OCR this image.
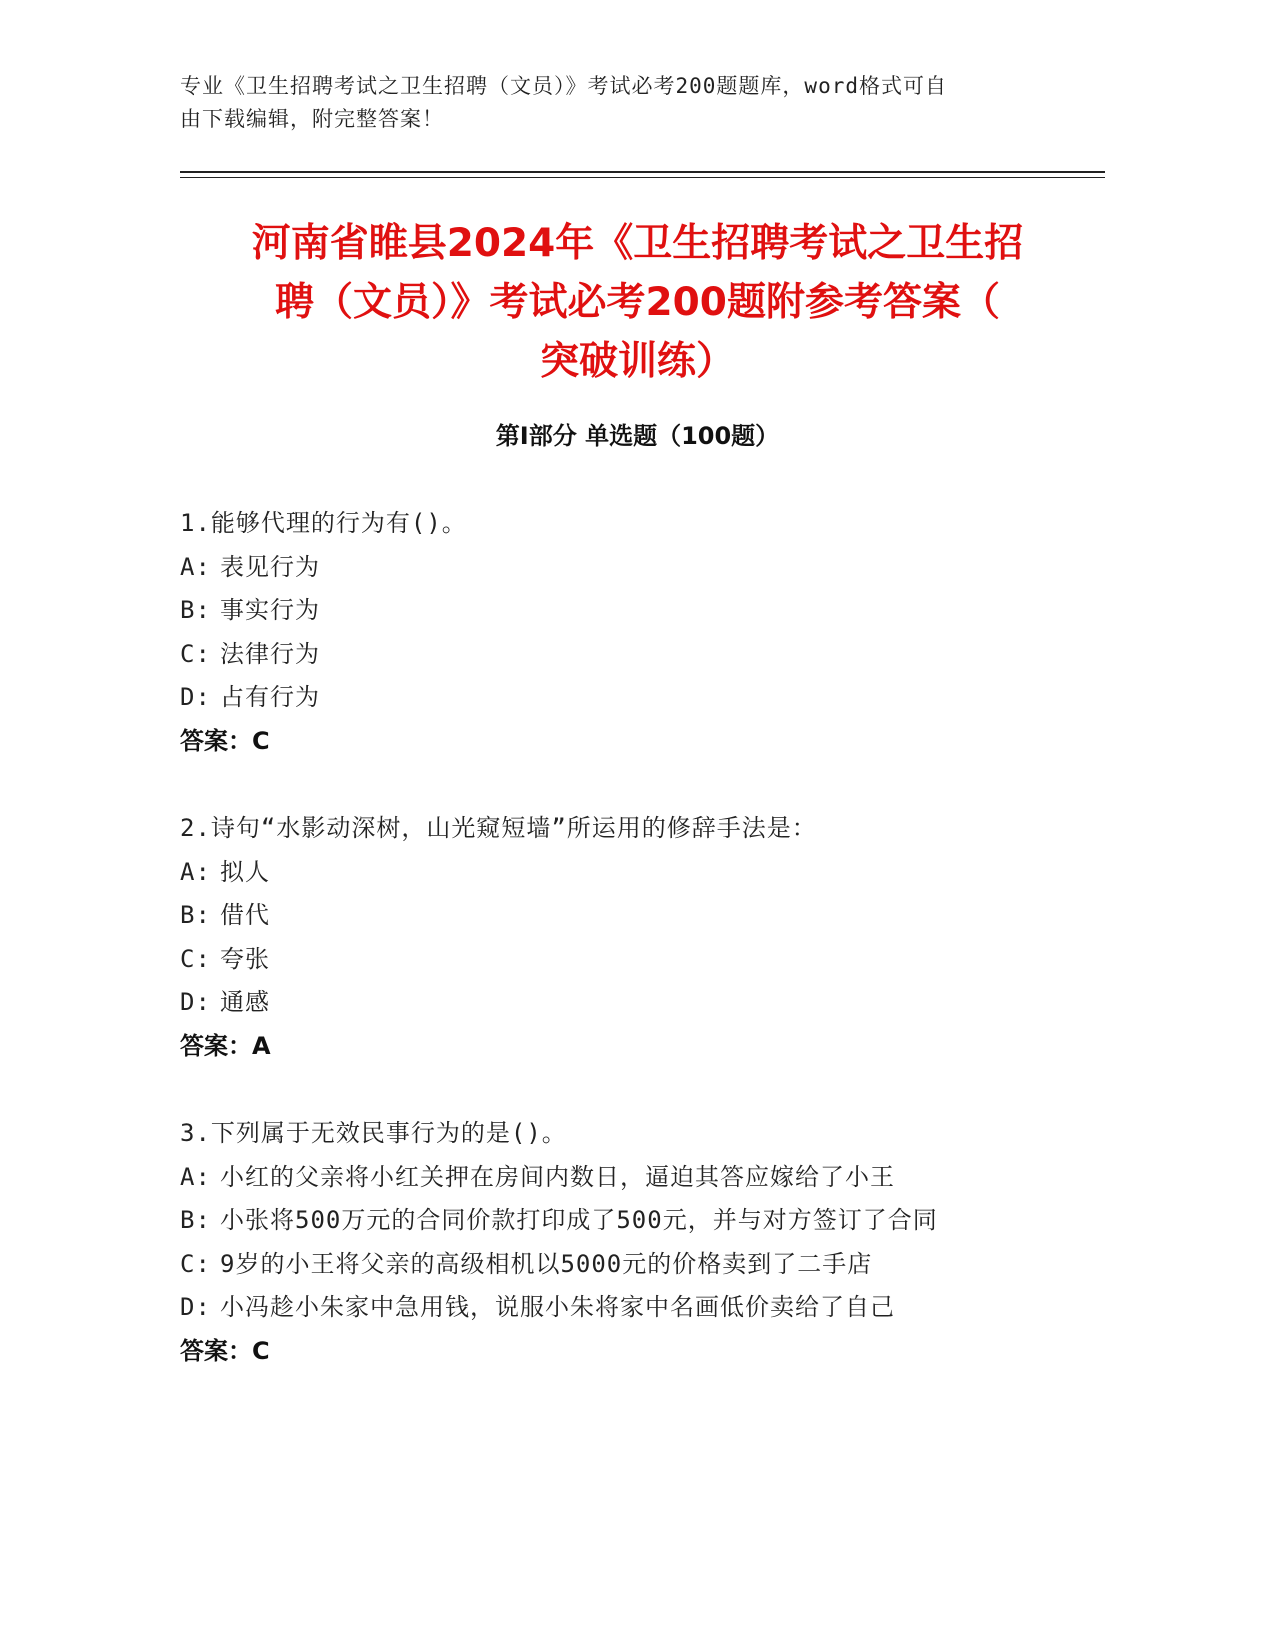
专业《卫生招聘考试之卫生招聘（文员）》考试必考200题题库，word格式可自
由下载编辑，附完整答案！
河南省睢县2024年《卫生招聘考试之卫生招
聘（文员）》考试必考200题附参考答案（
突破训练）
第Ⅰ部分 单选题（100题）
1.能够代理的行为有()。
A: 表见行为
B: 事实行为
C: 法律行为
D: 占有行为
答案：C
2.诗句“水影动深树，山光窥短墙”所运用的修辞手法是：
A: 拟人
B: 借代
C: 夸张
D: 通感
答案：A
3.下列属于无效民事行为的是()。
A: 小红的父亲将小红关押在房间内数日，逼迫其答应嫁给了小王
B: 小张将500万元的合同价款打印成了500元，并与对方签订了合同
C: 9岁的小王将父亲的高级相机以5000元的价格卖到了二手店
D: 小冯趁小朱家中急用钱，说服小朱将家中名画低价卖给了自己
答案：C
